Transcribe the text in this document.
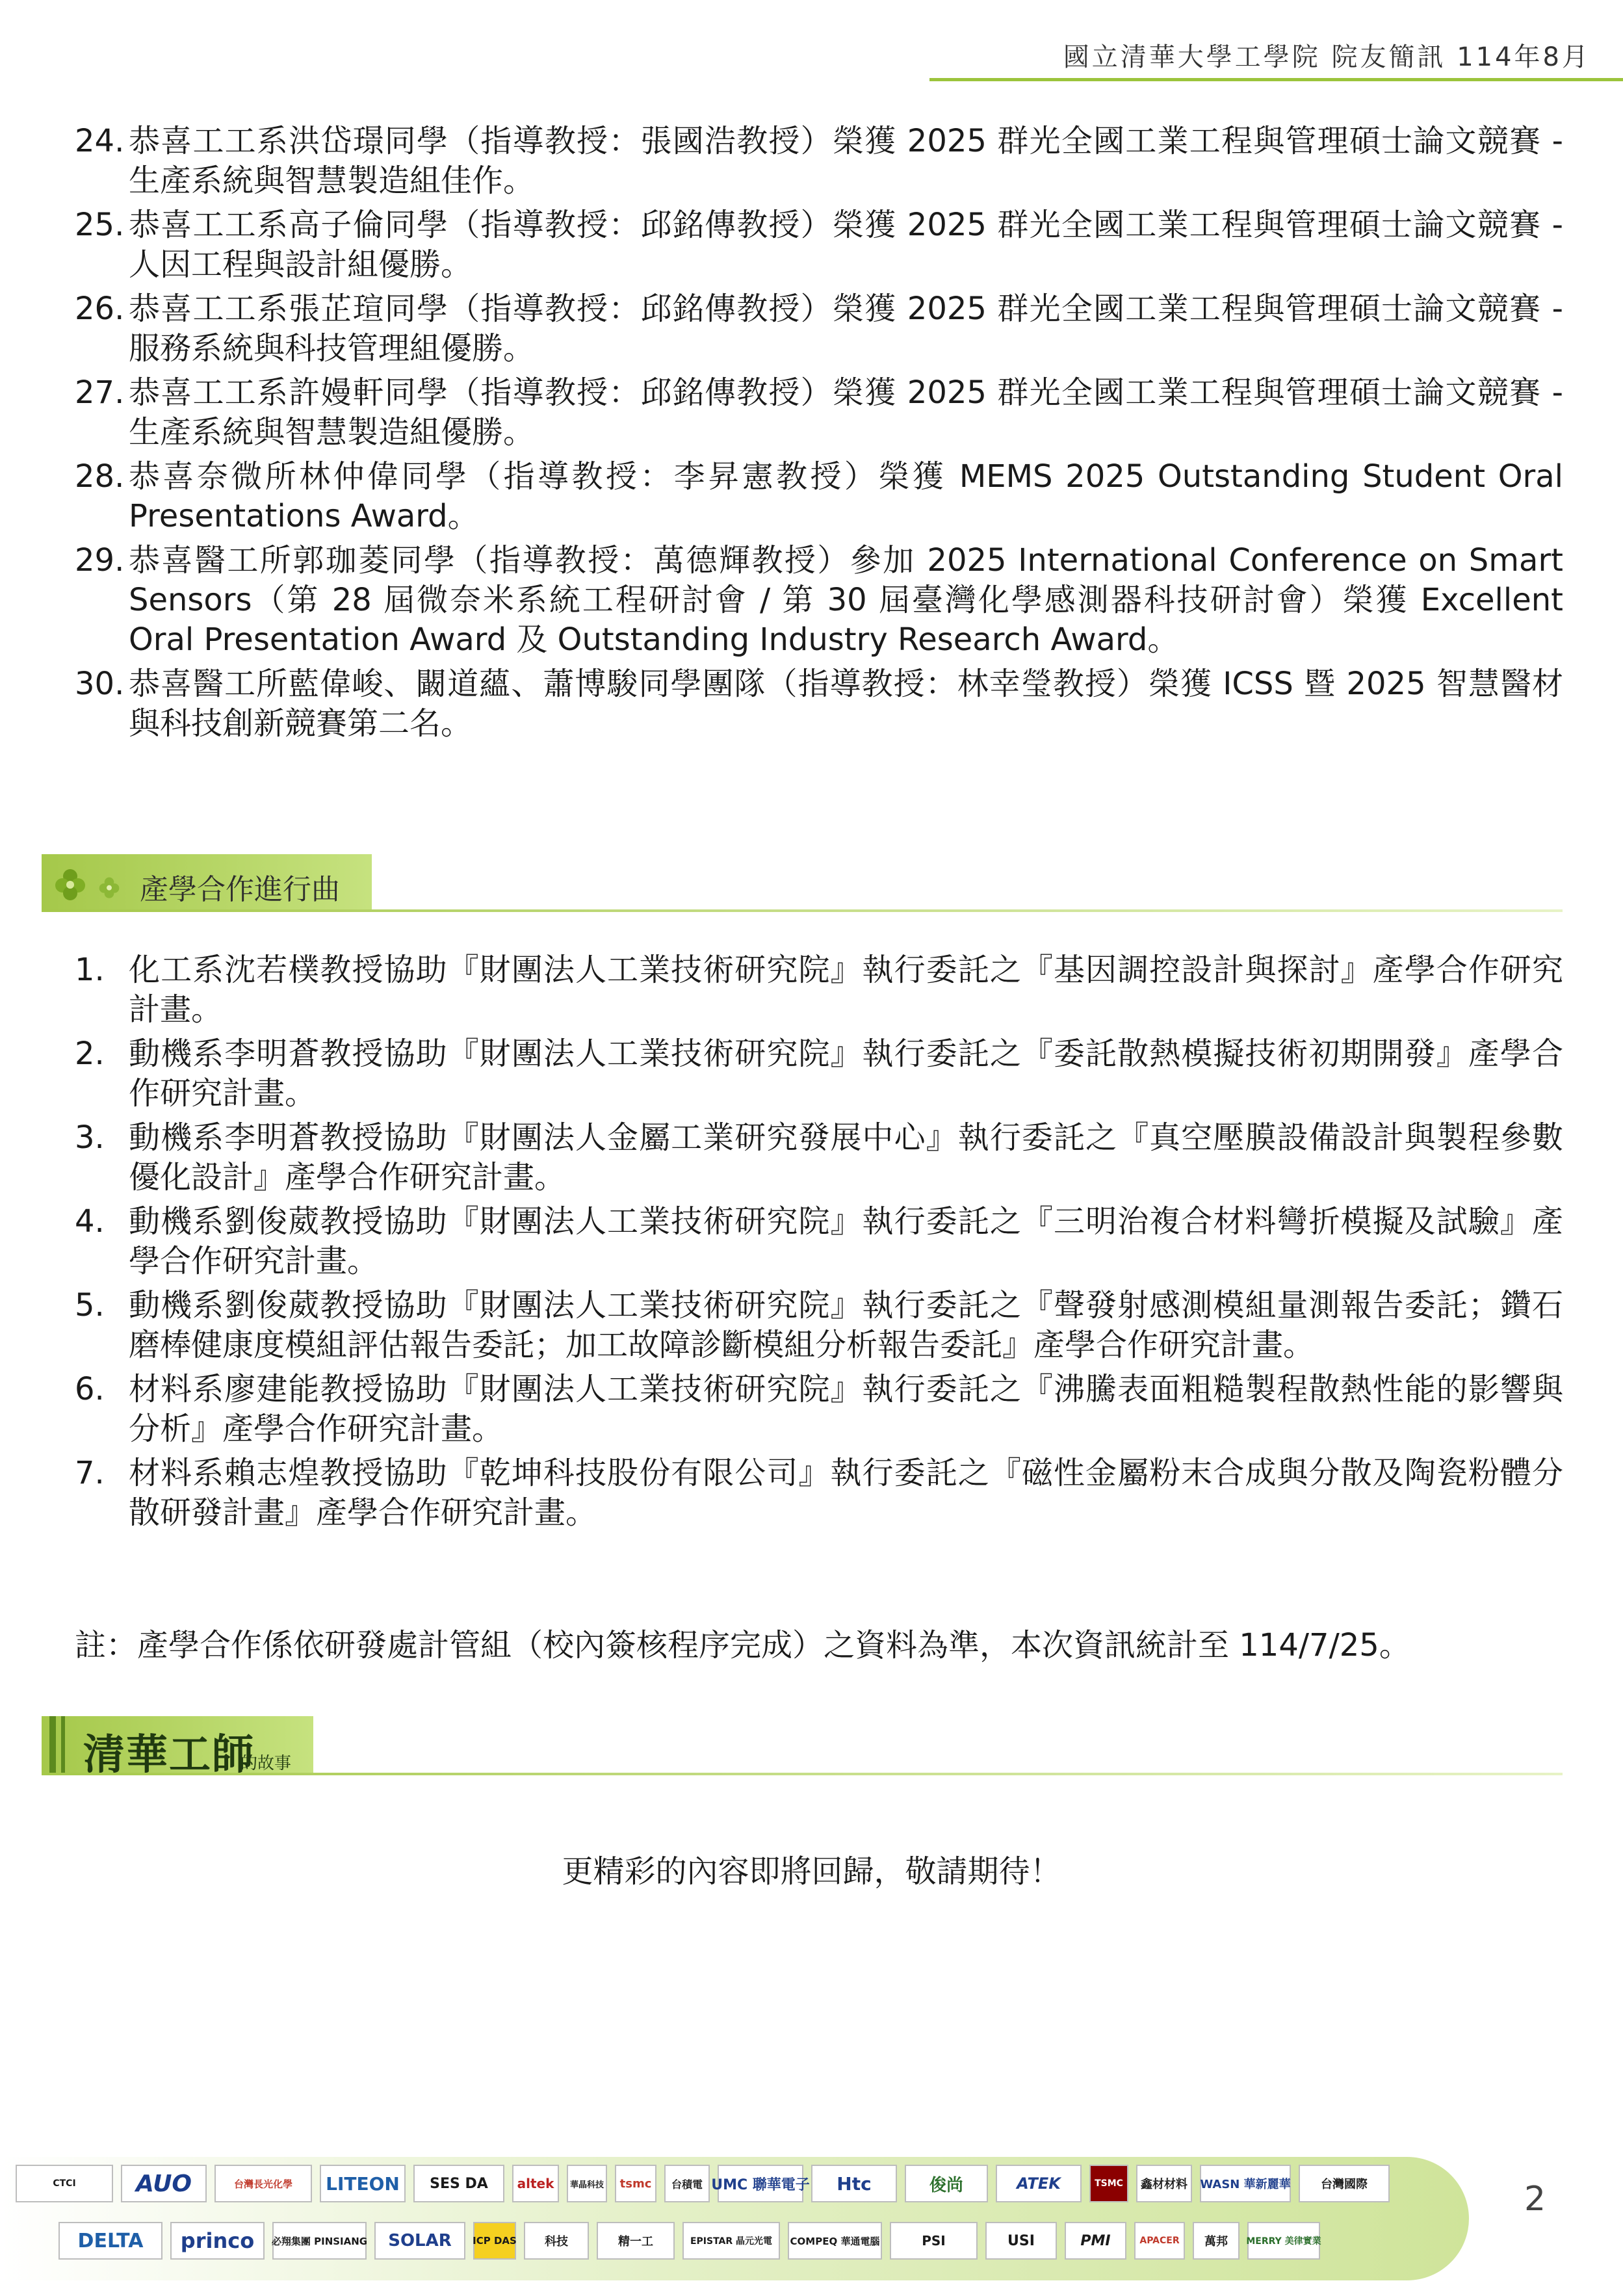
國立清華大學工學院 院友簡訊 114年8月
24. 恭喜工工系洪岱璟同學（指導教授：張國浩教授）榮獲 2025 群光全國工業工程與管理碩士論文競賽 - 生產系統與智慧製造組佳作。
25. 恭喜工工系高子倫同學（指導教授：邱銘傳教授）榮獲 2025 群光全國工業工程與管理碩士論文競賽 - 人因工程與設計組優勝。
26. 恭喜工工系張芷瑄同學（指導教授：邱銘傳教授）榮獲 2025 群光全國工業工程與管理碩士論文競賽 - 服務系統與科技管理組優勝。
27. 恭喜工工系許嫚軒同學（指導教授：邱銘傳教授）榮獲 2025 群光全國工業工程與管理碩士論文競賽 - 生產系統與智慧製造組優勝。
28. 恭喜奈微所林仲偉同學（指導教授：李昇憲教授）榮獲 MEMS 2025 Outstanding Student Oral Presentations Award。
29. 恭喜醫工所郭珈菱同學（指導教授：萬德輝教授）參加 2025 International Conference on Smart Sensors（第 28 屆微奈米系統工程研討會 / 第 30 屆臺灣化學感測器科技研討會）榮獲 Excellent Oral Presentation Award 及 Outstanding Industry Research Award。
30. 恭喜醫工所藍偉峻、闞道蘊、蕭博駿同學團隊（指導教授：林幸瑩教授）榮獲 ICSS 暨 2025 智慧醫材與科技創新競賽第二名。
產學合作進行曲
1. 化工系沈若樸教授協助『財團法人工業技術研究院』執行委託之『基因調控設計與探討』產學合作研究計畫。
2. 動機系李明蒼教授協助『財團法人工業技術研究院』執行委託之『委託散熱模擬技術初期開發』產學合作研究計畫。
3. 動機系李明蒼教授協助『財團法人金屬工業研究發展中心』執行委託之『真空壓膜設備設計與製程參數優化設計』產學合作研究計畫。
4. 動機系劉俊葳教授協助『財團法人工業技術研究院』執行委託之『三明治複合材料彎折模擬及試驗』產學合作研究計畫。
5. 動機系劉俊葳教授協助『財團法人工業技術研究院』執行委託之『聲發射感測模組量測報告委託；鑽石磨棒健康度模組評估報告委託；加工故障診斷模組分析報告委託』產學合作研究計畫。
6. 材料系廖建能教授協助『財團法人工業技術研究院』執行委託之『沸騰表面粗糙製程散熱性能的影響與分析』產學合作研究計畫。
7. 材料系賴志煌教授協助『乾坤科技股份有限公司』執行委託之『磁性金屬粉末合成與分散及陶瓷粉體分散研發計畫』產學合作研究計畫。
註：產學合作係依研發處計管組（校內簽核程序完成）之資料為準，本次資訊統計至 114/7/25。
清華工師
的故事
更精彩的內容即將回歸，敬請期待！
2
CTCI	AUO	台灣長光化學	LITEON	SES DA	altek	華晶科技	tsmc	台積電 UMC 聯華電子	Htc	俊尚	ATEK	TSMC	鑫材材料	WASN 華新麗華	台灣國際
DELTA	princo	必翔集團 PINSIANG	SOLAR	ICP DAS	科技	精一工	EPISTAR 晶元光電	COMPEQ 華通電腦	PSI	USI	PMI	APACER	萬邦	MERRY 美律實業
